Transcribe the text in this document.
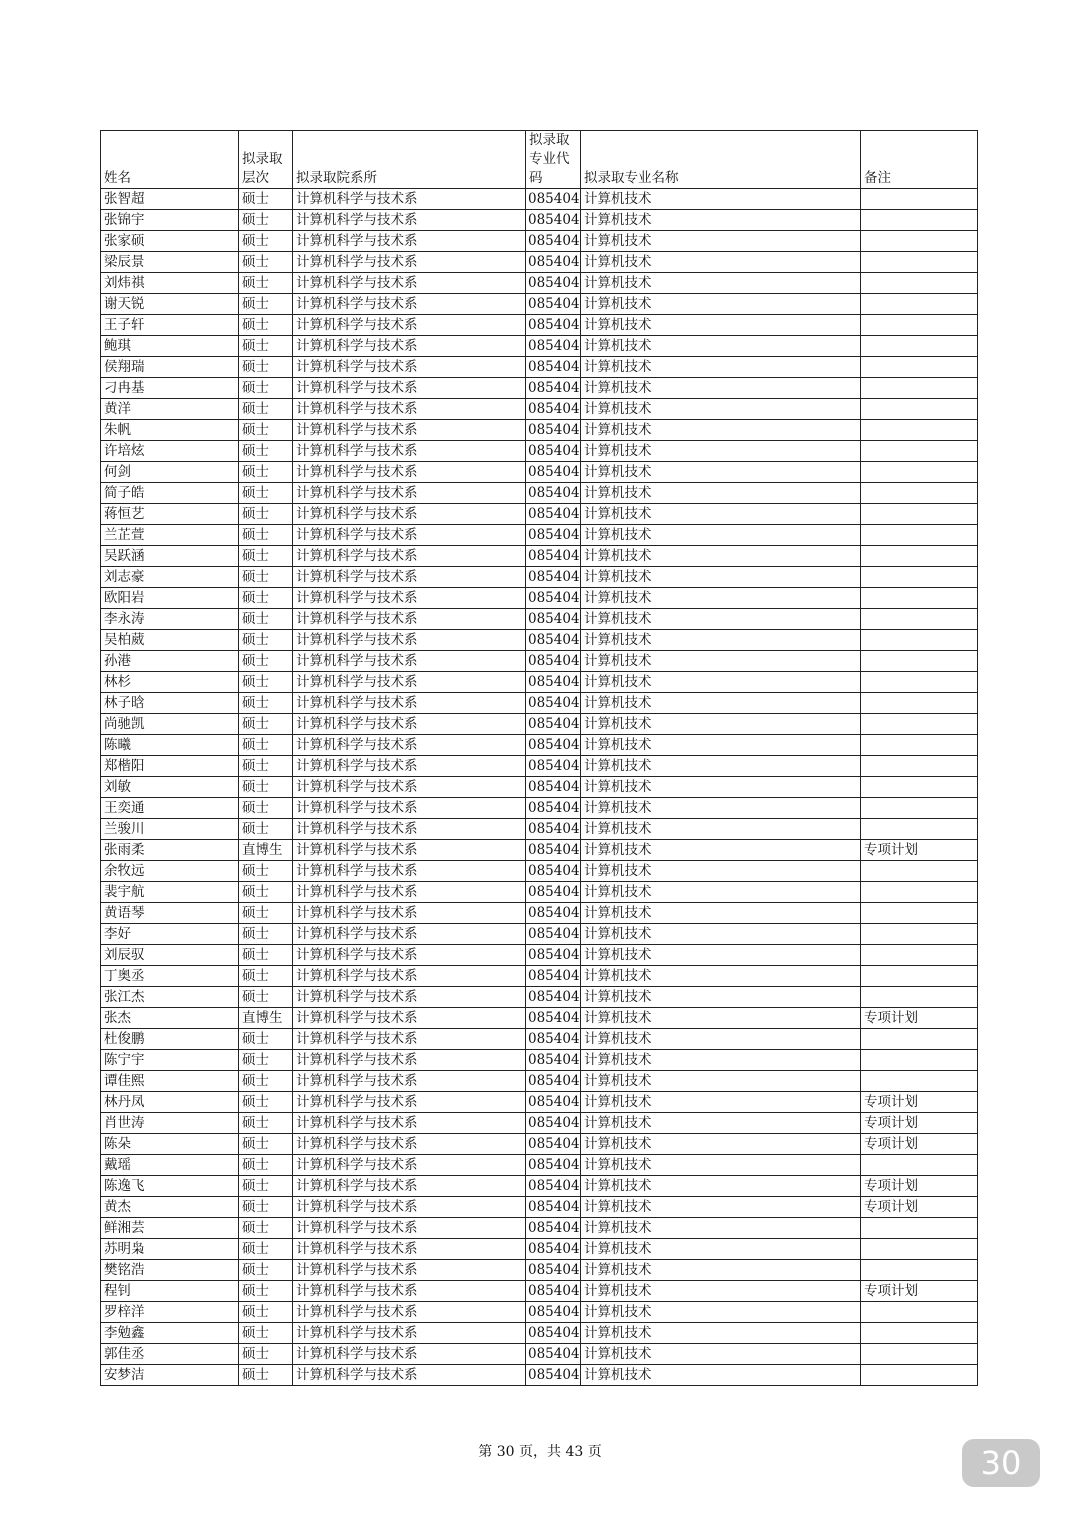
姓名	拟录取层次	拟录取院系所	拟录取专业代码	拟录取专业名称	备注
张智超	硕士	计算机科学与技术系	085404	计算机技术	
张锦宇	硕士	计算机科学与技术系	085404	计算机技术	
张家硕	硕士	计算机科学与技术系	085404	计算机技术	
梁辰景	硕士	计算机科学与技术系	085404	计算机技术	
刘炜祺	硕士	计算机科学与技术系	085404	计算机技术	
谢天锐	硕士	计算机科学与技术系	085404	计算机技术	
王子轩	硕士	计算机科学与技术系	085404	计算机技术	
鲍琪	硕士	计算机科学与技术系	085404	计算机技术	
侯翔瑞	硕士	计算机科学与技术系	085404	计算机技术	
刁冉基	硕士	计算机科学与技术系	085404	计算机技术	
黄洋	硕士	计算机科学与技术系	085404	计算机技术	
朱帆	硕士	计算机科学与技术系	085404	计算机技术	
许培炫	硕士	计算机科学与技术系	085404	计算机技术	
何剑	硕士	计算机科学与技术系	085404	计算机技术	
简子皓	硕士	计算机科学与技术系	085404	计算机技术	
蒋恒艺	硕士	计算机科学与技术系	085404	计算机技术	
兰芷萱	硕士	计算机科学与技术系	085404	计算机技术	
吴跃涵	硕士	计算机科学与技术系	085404	计算机技术	
刘志豪	硕士	计算机科学与技术系	085404	计算机技术	
欧阳岩	硕士	计算机科学与技术系	085404	计算机技术	
李永涛	硕士	计算机科学与技术系	085404	计算机技术	
吴柏葳	硕士	计算机科学与技术系	085404	计算机技术	
孙港	硕士	计算机科学与技术系	085404	计算机技术	
林杉	硕士	计算机科学与技术系	085404	计算机技术	
林子晗	硕士	计算机科学与技术系	085404	计算机技术	
尚驰凯	硕士	计算机科学与技术系	085404	计算机技术	
陈曦	硕士	计算机科学与技术系	085404	计算机技术	
郑楷阳	硕士	计算机科学与技术系	085404	计算机技术	
刘敏	硕士	计算机科学与技术系	085404	计算机技术	
王奕通	硕士	计算机科学与技术系	085404	计算机技术	
兰骏川	硕士	计算机科学与技术系	085404	计算机技术	
张雨柔	直博生	计算机科学与技术系	085404	计算机技术	专项计划
余牧远	硕士	计算机科学与技术系	085404	计算机技术	
裴宇航	硕士	计算机科学与技术系	085404	计算机技术	
黄语琴	硕士	计算机科学与技术系	085404	计算机技术	
李好	硕士	计算机科学与技术系	085404	计算机技术	
刘辰驭	硕士	计算机科学与技术系	085404	计算机技术	
丁奥丞	硕士	计算机科学与技术系	085404	计算机技术	
张江杰	硕士	计算机科学与技术系	085404	计算机技术	
张杰	直博生	计算机科学与技术系	085404	计算机技术	专项计划
杜俊鹏	硕士	计算机科学与技术系	085404	计算机技术	
陈宁宇	硕士	计算机科学与技术系	085404	计算机技术	
谭佳熙	硕士	计算机科学与技术系	085404	计算机技术	
林丹凤	硕士	计算机科学与技术系	085404	计算机技术	专项计划
肖世涛	硕士	计算机科学与技术系	085404	计算机技术	专项计划
陈朵	硕士	计算机科学与技术系	085404	计算机技术	专项计划
戴瑶	硕士	计算机科学与技术系	085404	计算机技术	
陈逸飞	硕士	计算机科学与技术系	085404	计算机技术	专项计划
黄杰	硕士	计算机科学与技术系	085404	计算机技术	专项计划
鲜湘芸	硕士	计算机科学与技术系	085404	计算机技术	
苏明枭	硕士	计算机科学与技术系	085404	计算机技术	
樊铭浩	硕士	计算机科学与技术系	085404	计算机技术	
程钊	硕士	计算机科学与技术系	085404	计算机技术	专项计划
罗梓洋	硕士	计算机科学与技术系	085404	计算机技术	
李勉鑫	硕士	计算机科学与技术系	085404	计算机技术	
郭佳丞	硕士	计算机科学与技术系	085404	计算机技术	
安梦洁	硕士	计算机科学与技术系	085404	计算机技术	
第 30 页，共 43 页	30
